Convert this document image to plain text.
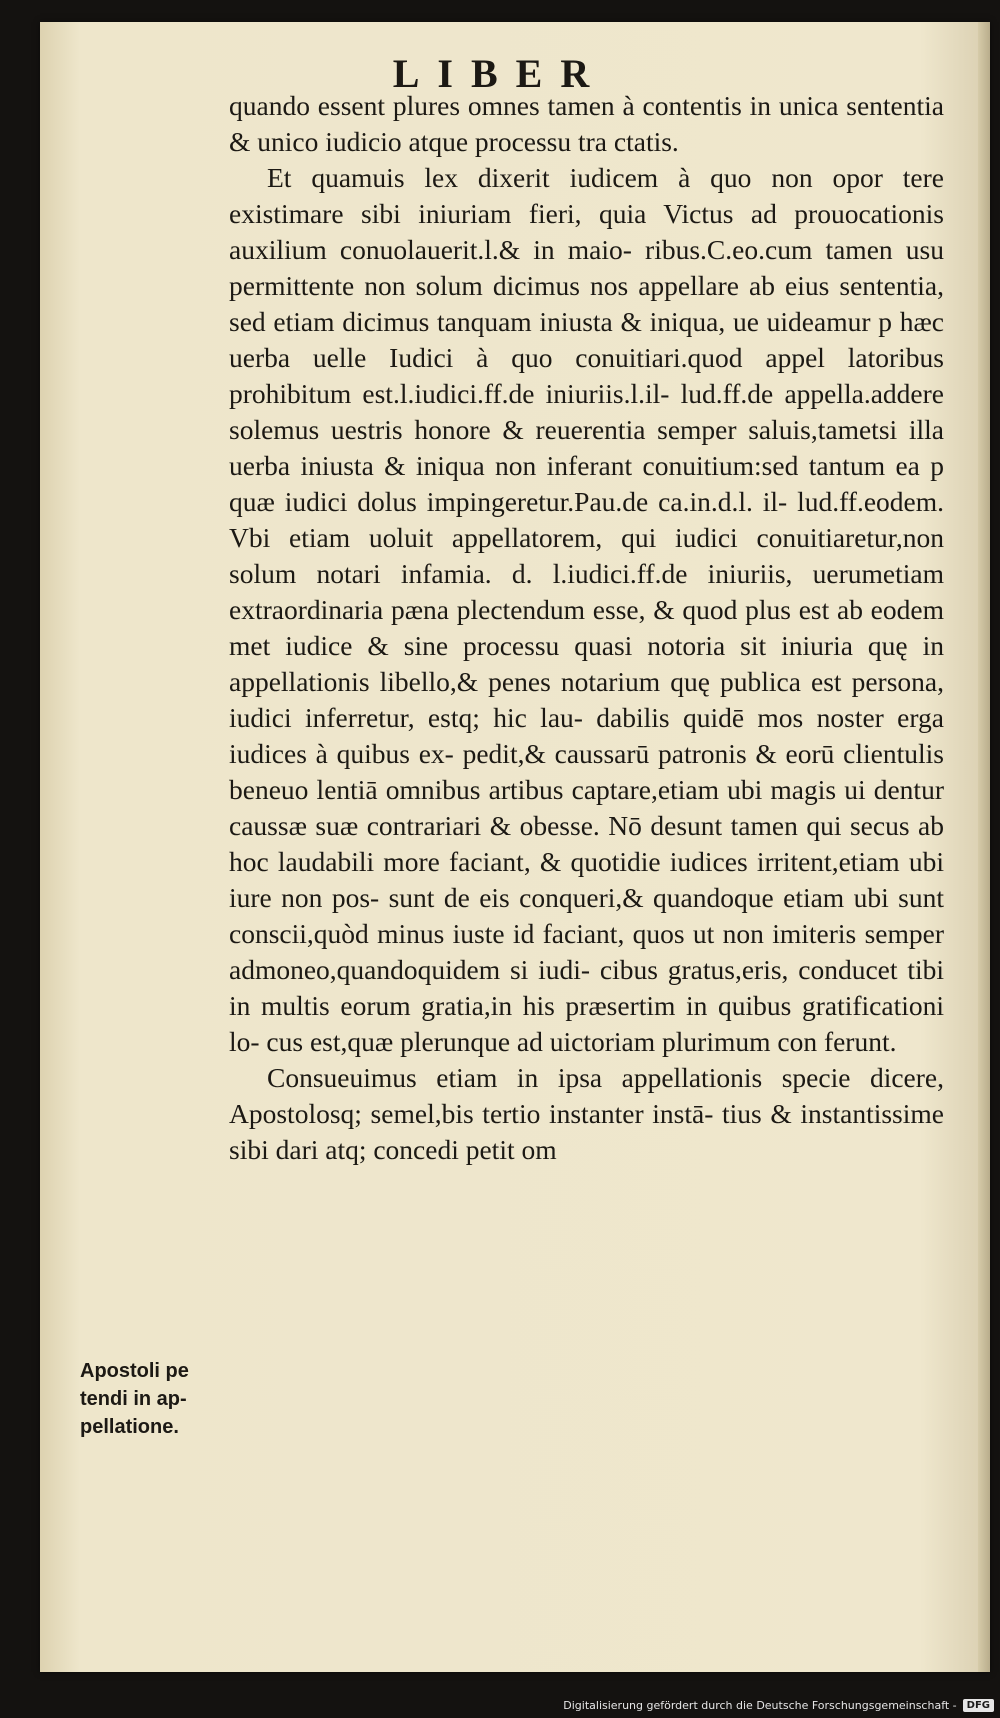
LIBER

quando essent plures omnes tamen à contentis in unica sententia & unico iudicio atque processu tra ctatis.

Et quamuis lex dixerit iudicem à quo non opor tere existimare sibi iniuriam fieri, quia Victus ad prouocationis auxilium conuolauerit.l.& in maio- ribus.C.eo.cum tamen usu permittente non solum dicimus nos appellare ab eius sententia, sed etiam dicimus tanquam iniusta & iniqua, ue uideamur p hæc uerba uelle Iudici à quo conuitiari.quod appel latoribus prohibitum est.l.iudici.ff.de iniuriis.l.il- lud.ff.de appella.addere solemus uestris honore & reuerentia semper saluis,tametsi illa uerba iniusta & iniqua non inferant conuitium:sed tantum ea p quæ iudici dolus impingeretur.Pau.de ca.in.d.l. il- lud.ff.eodem. Vbi etiam uoluit appellatorem, qui iudici conuitiaretur,non solum notari infamia. d. l.iudici.ff.de iniuriis, uerumetiam extraordinaria pæna plectendum esse, & quod plus est ab eodem met iudice & sine processu quasi notoria sit iniuria quę in appellationis libello,& penes notarium quę publica est persona, iudici inferretur, estq; hic lau- dabilis quidē mos noster erga iudices à quibus ex- pedit,& caussarū patronis & eorū clientulis beneuo lentiā omnibus artibus captare,etiam ubi magis ui dentur caussæ suæ contrariari & obesse. Nō desunt tamen qui secus ab hoc laudabili more faciant, & quotidie iudices irritent,etiam ubi iure non pos- sunt de eis conqueri,& quandoque etiam ubi sunt conscii,quòd minus iuste id faciant, quos ut non imiteris semper admoneo,quandoquidem si iudi- cibus gratus,eris, conducet tibi in multis eorum gratia,in his præsertim in quibus gratificationi lo- cus est,quæ plerunque ad uictoriam plurimum con ferunt.

Consueuimus etiam in ipsa appellationis specie dicere, Apostolosq; semel,bis tertio instanter instā- tius & instantissime sibi dari atq; concedi petit om

Apostoli pe tendi in ap- pellatione.
Digitalisierung gefördert durch die Deutsche Forschungsgemeinschaft -	DFG
